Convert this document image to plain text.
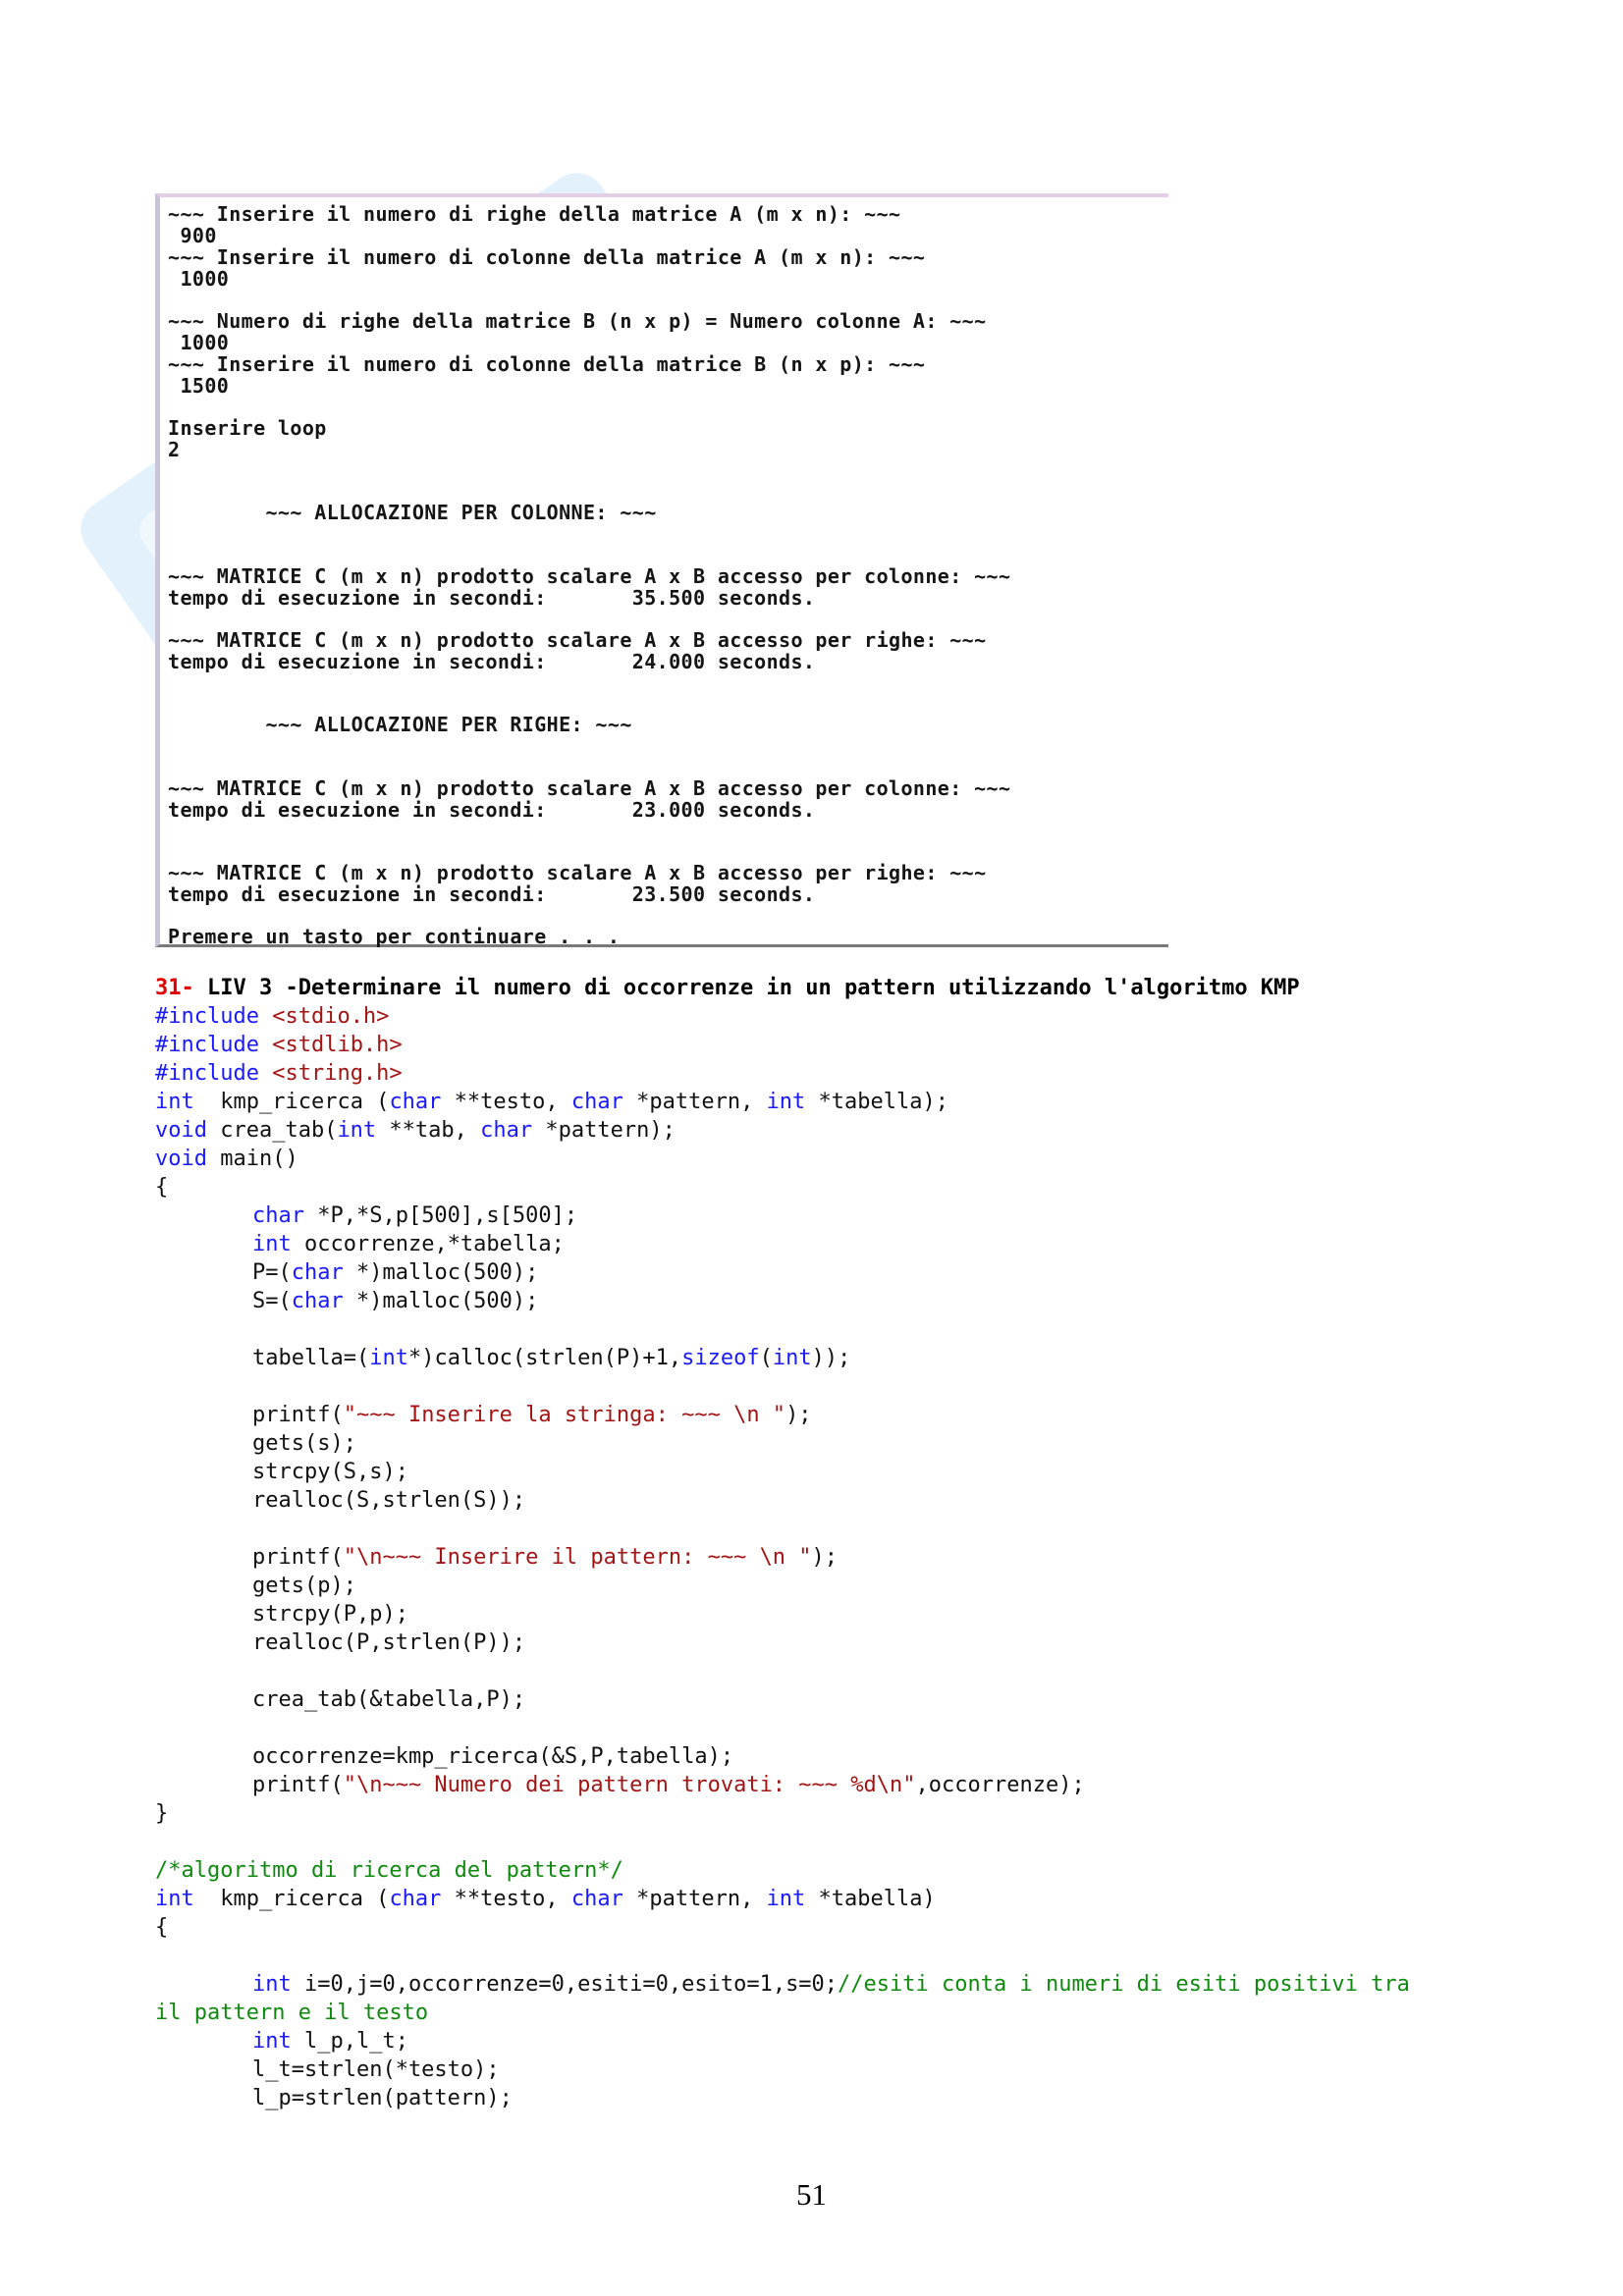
~~~ Inserire il numero di righe della matrice A (m x n): ~~~
900
~~~ Inserire il numero di colonne della matrice A (m x n): ~~~
1000
~~~ Numero di righe della matrice B (n x p) = Numero colonne A: ~~~
1000
~~~ Inserire il numero di colonne della matrice B (n x p): ~~~
1500
Inserire loop
2
~~~ ALLOCAZIONE PER COLONNE: ~~~
~~~ MATRICE C (m x n) prodotto scalare A x B accesso per colonne: ~~~
tempo di esecuzione in secondi:       35.500 seconds.
~~~ MATRICE C (m x n) prodotto scalare A x B accesso per righe: ~~~
tempo di esecuzione in secondi:       24.000 seconds.
~~~ ALLOCAZIONE PER RIGHE: ~~~
~~~ MATRICE C (m x n) prodotto scalare A x B accesso per colonne: ~~~
tempo di esecuzione in secondi:       23.000 seconds.
~~~ MATRICE C (m x n) prodotto scalare A x B accesso per righe: ~~~
tempo di esecuzione in secondi:       23.500 seconds.
Premere un tasto per continuare . . .
31- LIV 3 -Determinare il numero di occorrenze in un pattern utilizzando l'algoritmo KMP
#include <stdio.h>
#include <stdlib.h>
#include <string.h>
int  kmp_ricerca (char **testo, char *pattern, int *tabella);
void crea_tab(int **tab, char *pattern);
void main()
{
char *P,*S,p[500],s[500];
int occorrenze,*tabella;
P=(char *)malloc(500);
S=(char *)malloc(500);
tabella=(int*)calloc(strlen(P)+1,sizeof(int));
printf("~~~ Inserire la stringa: ~~~ \n ");
gets(s);
strcpy(S,s);
realloc(S,strlen(S));
printf("\n~~~ Inserire il pattern: ~~~ \n ");
gets(p);
strcpy(P,p);
realloc(P,strlen(P));
crea_tab(&tabella,P);
occorrenze=kmp_ricerca(&S,P,tabella);
printf("\n~~~ Numero dei pattern trovati: ~~~ %d\n",occorrenze);
}
/*algoritmo di ricerca del pattern*/
int  kmp_ricerca (char **testo, char *pattern, int *tabella)
{
int i=0,j=0,occorrenze=0,esiti=0,esito=1,s=0;//esiti conta i numeri di esiti positivi tra
il pattern e il testo
int l_p,l_t;
l_t=strlen(*testo);
l_p=strlen(pattern);
51
